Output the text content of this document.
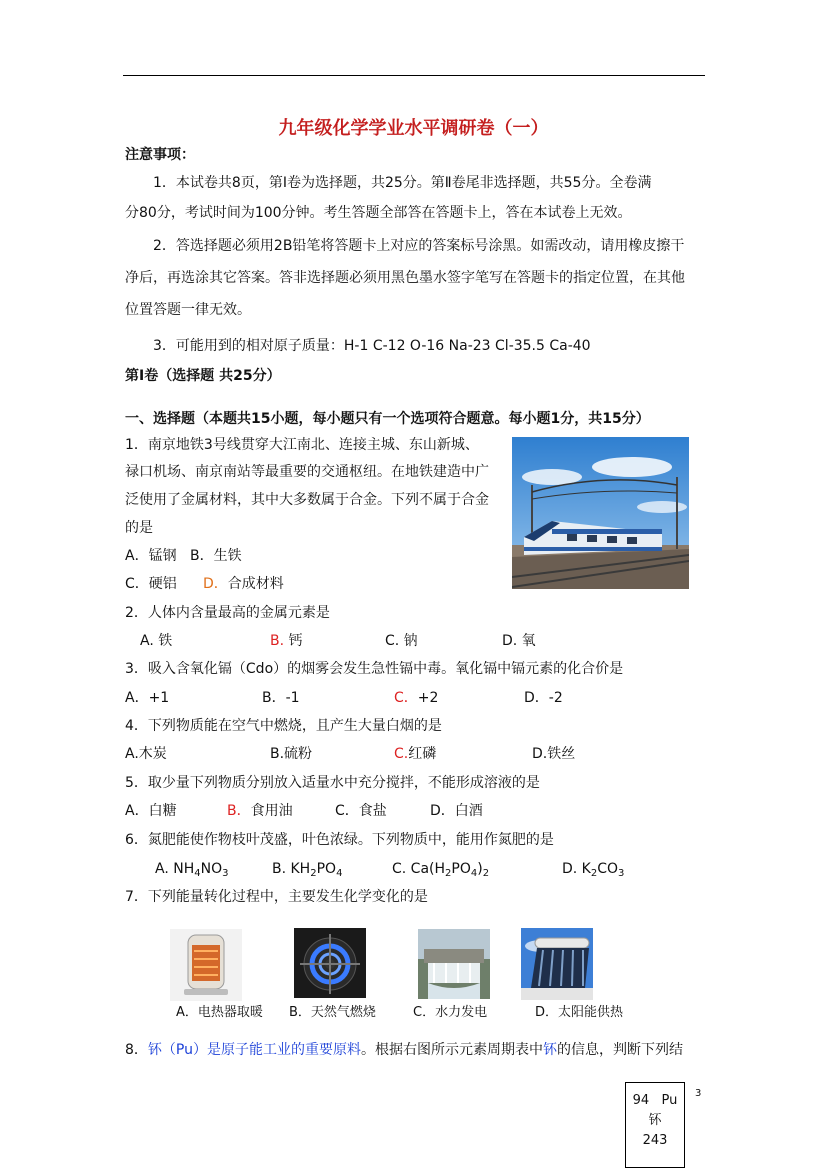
九年级化学学业水平调研卷（一）
注意事项：
1．本试卷共8页，第Ⅰ卷为选择题，共25分。第Ⅱ卷尾非选择题，共55分。全卷满
分80分，考试时间为100分钟。考生答题全部答在答题卡上，答在本试卷上无效。
2．答选择题必须用2B铅笔将答题卡上对应的答案标号涂黑。如需改动，请用橡皮擦干
净后，再选涂其它答案。答非选择题必须用黑色墨水签字笔写在答题卡的指定位置，在其他
位置答题一律无效。
3．可能用到的相对原子质量：H-1 C-12 O-16 Na-23 Cl-35.5 Ca-40
第Ⅰ卷（选择题 共25分）
一、选择题（本题共15小题，每小题只有一个选项符合题意。每小题1分，共15分）
1．南京地铁3号线贯穿大江南北、连接主城、东山新城、
禄口机场、南京南站等最重要的交通枢纽。在地铁建造中广
泛使用了金属材料，其中大多数属于合金。下列不属于合金
的是
A．锰钢 B．生铁
C．硬铝 D．合成材料
2．人体内含量最高的金属元素是
A. 铁	B. 钙	C. 钠	D. 氧
3．吸入含氧化镉（Cdo）的烟雾会发生急性镉中毒。氧化镉中镉元素的化合价是
A．+1	B．-1	C．+2	D．-2
4．下列物质能在空气中燃烧，且产生大量白烟的是
A.木炭	B.硫粉	C.红磷	D.铁丝
5．取少量下列物质分别放入适量水中充分搅拌，不能形成溶液的是
A．白糖	B．食用油	C．食盐	D．白酒
6．氮肥能使作物枝叶茂盛，叶色浓绿。下列物质中，能用作氮肥的是
A. $NH_4NO_3$	B. $KH_2PO_4$	C. $Ca(H_2PO_4)_2$	D. $K_2CO_3$
7．下列能量转化过程中，主要发生化学变化的是
A．电热器取暖 B．天然气燃烧	C．水力发电	D．太阳能供热
8．钚（Pu）是原子能工业的重要原料。根据右图所示元素周期表中钚的信息，判断下列结
94 Pu
钚
243
3
